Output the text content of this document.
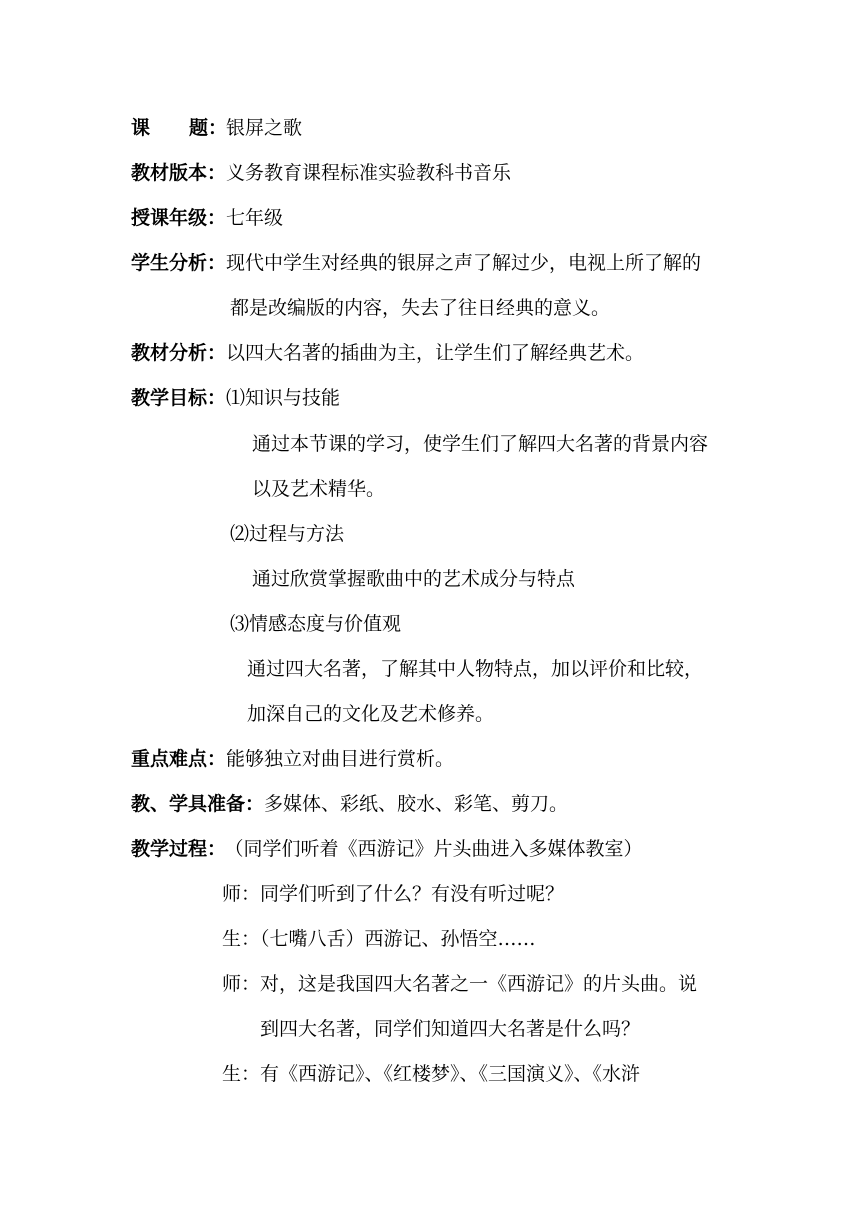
课 题：银屏之歌
教材版本：义务教育课程标准实验教科书音乐
授课年级：七年级
学生分析：现代中学生对经典的银屏之声了解过少，电视上所了解的
都是改编版的内容，失去了往日经典的意义。
教材分析：以四大名著的插曲为主，让学生们了解经典艺术。
教学目标：⑴知识与技能
通过本节课的学习，使学生们了解四大名著的背景内容
以及艺术精华。
⑵过程与方法
通过欣赏掌握歌曲中的艺术成分与特点
⑶情感态度与价值观
通过四大名著，了解其中人物特点，加以评价和比较，
加深自己的文化及艺术修养。
重点难点：能够独立对曲目进行赏析。
教、学具准备：多媒体、彩纸、胶水、彩笔、剪刀。
教学过程： （同学们听着《西游记》片头曲进入多媒体教室）
师：同学们听到了什么？有没有听过呢？
生：（七嘴八舌）西游记、孙悟空……
师：对，这是我国四大名著之一《西游记》的片头曲。说
到四大名著，同学们知道四大名著是什么吗？
生：有《西游记》、《红楼梦》、《三国演义》、《水浒
